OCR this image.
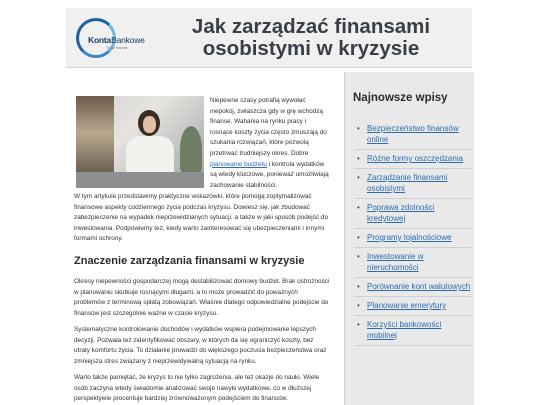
KontaBankowe
Twoje finanse
Jak zarządzać finansami osobistymi w kryzysie

Niepewne czasy potrafią wywołać niepokój, zwłaszcza gdy w grę wchodzą finanse. Wahania na rynku pracy i rosnące koszty życia często zmuszają do szukania rozwiązań, które pozwolą przetrwać trudniejszy okres. Dobre planowanie budżetu i kontrola wydatków są wtedy kluczowe, ponieważ umożliwiają zachowanie stabilności.

W tym artykule przedstawimy praktyczne wskazówki, które pomogą zoptymalizować finansowe aspekty codziennego życia podczas kryzysu. Dowiesz się, jak zbudować zabezpieczenie na wypadek nieprzewidzianych sytuacji, a także w jaki sposób podejść do inwestowania. Podpowiemy też, kiedy warto zainteresować się ubezpieczeniami i innymi formami ochrony.

Znaczenie zarządzania finansami w kryzysie

Okresy niepewności gospodarczej mogą destabilizować domowy budżet. Brak ostrożności w planowaniu skutkuje rosnącymi długami, a to może prowadzić do poważnych problemów z terminową spłatą zobowiązań. Właśnie dlatego odpowiedzialne podejście do finansów jest szczególnie ważne w czasie kryzysu.

Systematyczne kontrolowanie dochodów i wydatków wspiera podejmowanie lepszych decyzji. Pozwala też zidentyfikować obszary, w których da się ograniczyć koszty, bez utraty komfortu życia. To działanie prowadzi do większego poczucia bezpieczeństwa oraz zmniejsza stres związany z nieprzewidywalną sytuacją na rynku.

Warto także pamiętać, że kryzys to nie tylko zagrożenia, ale też okazje do nauki. Wiele osób zaczyna wtedy świadomie analizować swoje nawyki wydatkowe, co w dłuższej perspektywie procentuje bardziej zrównoważonym podejściem do finansów.

Najnowsze wpisy
• Bezpieczeństwo finansów online
• Różne formy oszczędzania
• Zarządzanie finansami osobistymi
• Poprawa zdolności kredytowej
• Programy lojalnościowe
• Inwestowanie w nieruchomości
• Porównanie kont walutowych
• Planowanie emerytury
• Korzyści bankowości mobilnej
